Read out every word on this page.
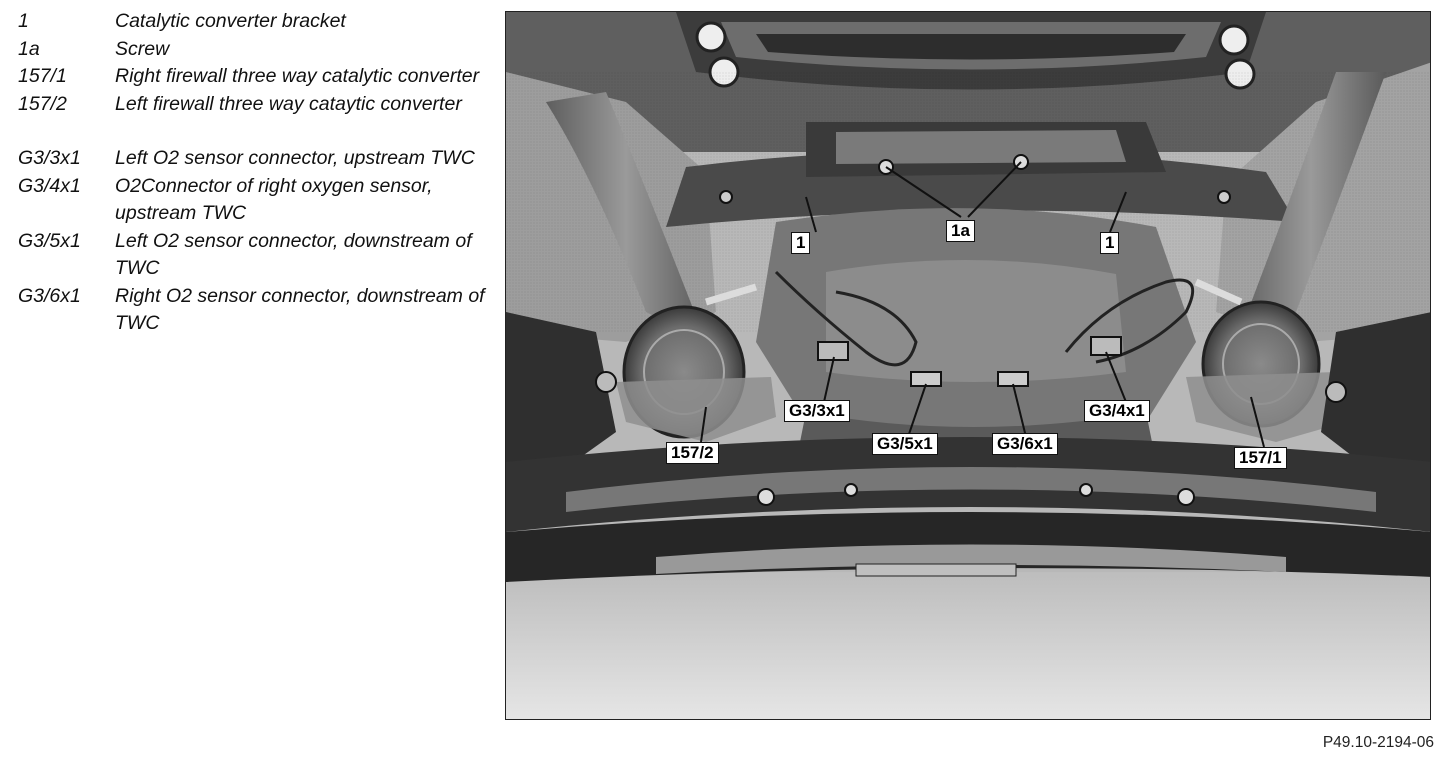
1	Catalytic converter bracket
1a	Screw
157/1	Right firewall three way catalytic converter
157/2	Left firewall three way cataytic converter
G3/3x1	Left O2 sensor connector, upstream TWC
G3/4x1	O2Connector of right oxygen sensor, upstream TWC
G3/5x1	Left O2 sensor connector, downstream of TWC
G3/6x1	Right O2 sensor connector, downstream of TWC
1
1a
1
G3/3x1	G3/4x1
G3/5x1	G3/6x1
157/2	157/1
P49.10-2194-06
